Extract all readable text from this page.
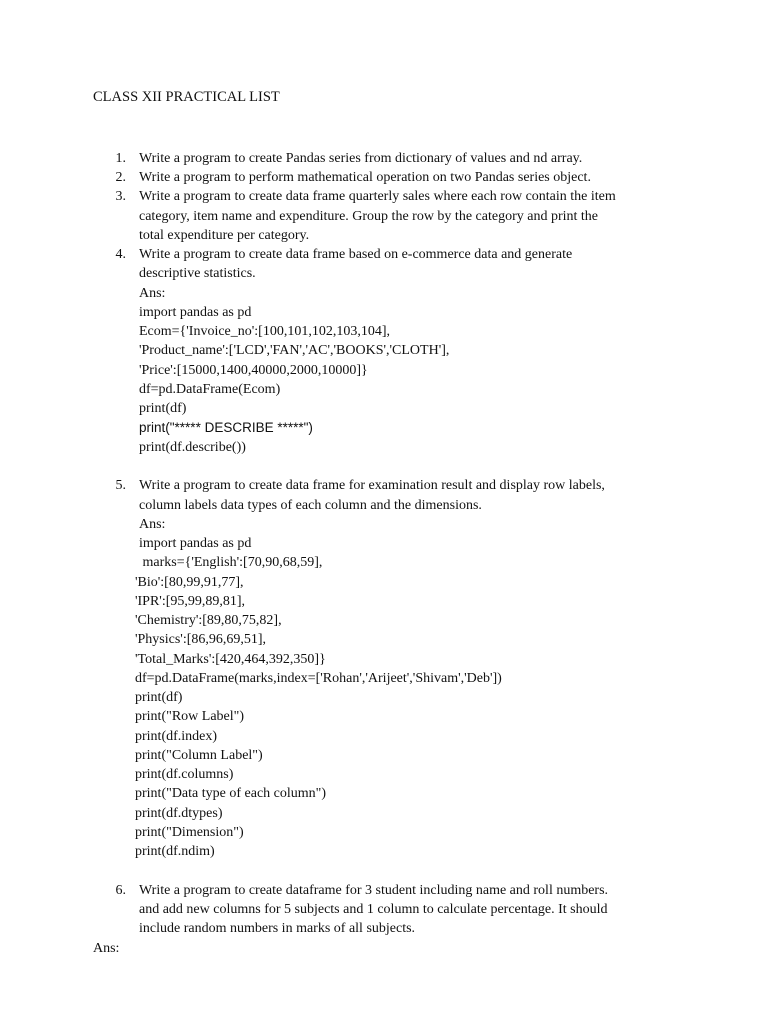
CLASS XII PRACTICAL LIST
1. Write a program to create Pandas series from dictionary of values and nd array.
2. Write a program to perform mathematical operation on two Pandas series object.
3. Write a program to create data frame quarterly sales where each row contain the item
category, item name and expenditure. Group the row by the category and print the
total expenditure per category.
4. Write a program to create data frame based on e-commerce data and generate
descriptive statistics.
Ans:
import pandas as pd
Ecom={'Invoice_no':[100,101,102,103,104],
'Product_name':['LCD','FAN','AC','BOOKS','CLOTH'],
'Price':[15000,1400,40000,2000,10000]}
df=pd.DataFrame(Ecom)
print(df)
print("***** DESCRIBE *****")
print(df.describe())
5. Write a program to create data frame for examination result and display row labels,
column labels data types of each column and the dimensions.
Ans:
import pandas as pd
marks={'English':[70,90,68,59],
'Bio':[80,99,91,77],
'IPR':[95,99,89,81],
'Chemistry':[89,80,75,82],
'Physics':[86,96,69,51],
'Total_Marks':[420,464,392,350]}
df=pd.DataFrame(marks,index=['Rohan','Arijeet','Shivam','Deb'])
print(df)
print("Row Label")
print(df.index)
print("Column Label")
print(df.columns)
print("Data type of each column")
print(df.dtypes)
print("Dimension")
print(df.ndim)
6. Write a program to create dataframe for 3 student including name and roll numbers.
and add new columns for 5 subjects and 1 column to calculate percentage. It should
include random numbers in marks of all subjects.
Ans:
